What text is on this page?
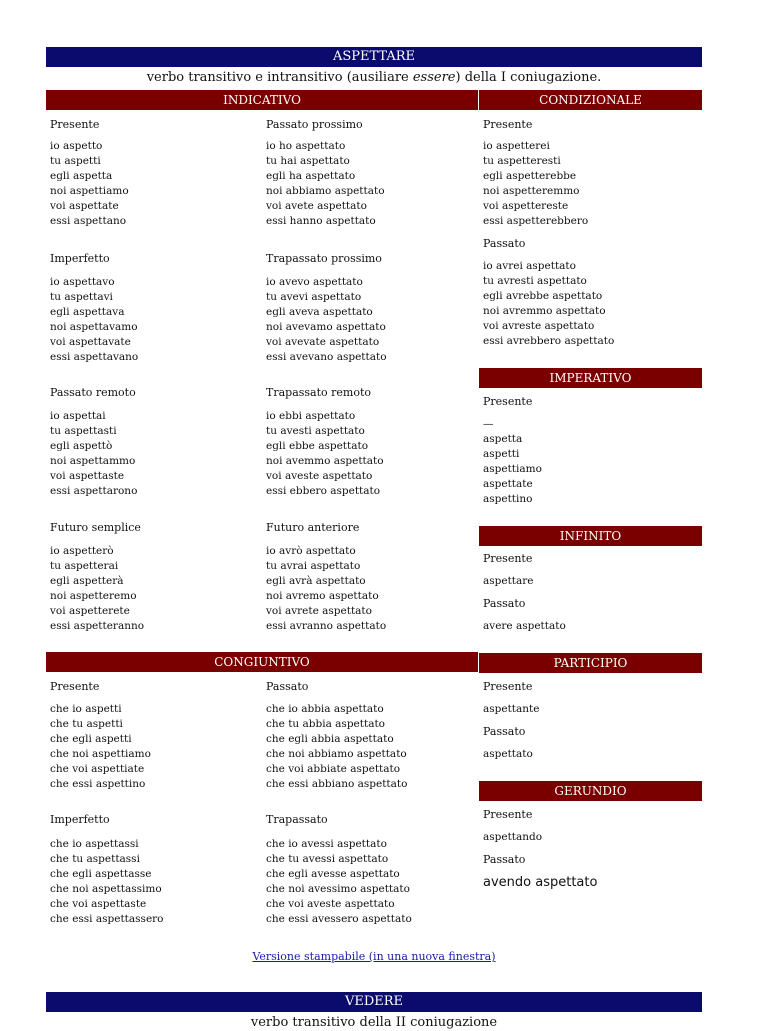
ASPETTARE
verbo transitivo e intransitivo (ausiliare essere) della I coniugazione.
INDICATIVO	CONDIZIONALE
Presente
io aspetto
tu aspetti
egli aspetta
noi aspettiamo
voi aspettate
essi aspettano
Imperfetto
io aspettavo
tu aspettavi
egli aspettava
noi aspettavamo
voi aspettavate
essi aspettavano
Passato remoto
io aspettai
tu aspettasti
egli aspettò
noi aspettammo
voi aspettaste
essi aspettarono
Futuro semplice
io aspetterò
tu aspetterai
egli aspetterà
noi aspetteremo
voi aspetterete
essi aspetteranno
Passato prossimo
io ho aspettato
tu hai aspettato
egli ha aspettato
noi abbiamo aspettato
voi avete aspettato
essi hanno aspettato
Trapassato prossimo
io avevo aspettato
tu avevi aspettato
egli aveva aspettato
noi avevamo aspettato
voi avevate aspettato
essi avevano aspettato
Trapassato remoto
io ebbi aspettato
tu avesti aspettato
egli ebbe aspettato
noi avemmo aspettato
voi aveste aspettato
essi ebbero aspettato
Futuro anteriore
io avrò aspettato
tu avrai aspettato
egli avrà aspettato
noi avremo aspettato
voi avrete aspettato
essi avranno aspettato
Presente
io aspetterei
tu aspetteresti
egli aspetterebbe
noi aspetteremmo
voi aspettereste
essi aspetterebbero
Passato
io avrei aspettato
tu avresti aspettato
egli avrebbe aspettato
noi avremmo aspettato
voi avreste aspettato
essi avrebbero aspettato
IMPERATIVO
Presente
—
aspetta
aspetti
aspettiamo
aspettate
aspettino
INFINITO
Presente
aspettare
Passato
avere aspettato
CONGIUNTIVO
Presente
che io aspetti
che tu aspetti
che egli aspetti
che noi aspettiamo
che voi aspettiate
che essi aspettino
Passato
che io abbia aspettato
che tu abbia aspettato
che egli abbia aspettato
che noi abbiamo aspettato
che voi abbiate aspettato
che essi abbiano aspettato
Imperfetto
che io aspettassi
che tu aspettassi
che egli aspettasse
che noi aspettassimo
che voi aspettaste
che essi aspettassero
Trapassato
che io avessi aspettato
che tu avessi aspettato
che egli avesse aspettato
che noi avessimo aspettato
che voi aveste aspettato
che essi avessero aspettato
PARTICIPIO
Presente
aspettante
Passato
aspettato
GERUNDIO
Presente
aspettando
Passato
avendo aspettato
Versione stampabile (in una nuova finestra)
VEDERE
verbo transitivo della II coniugazione
